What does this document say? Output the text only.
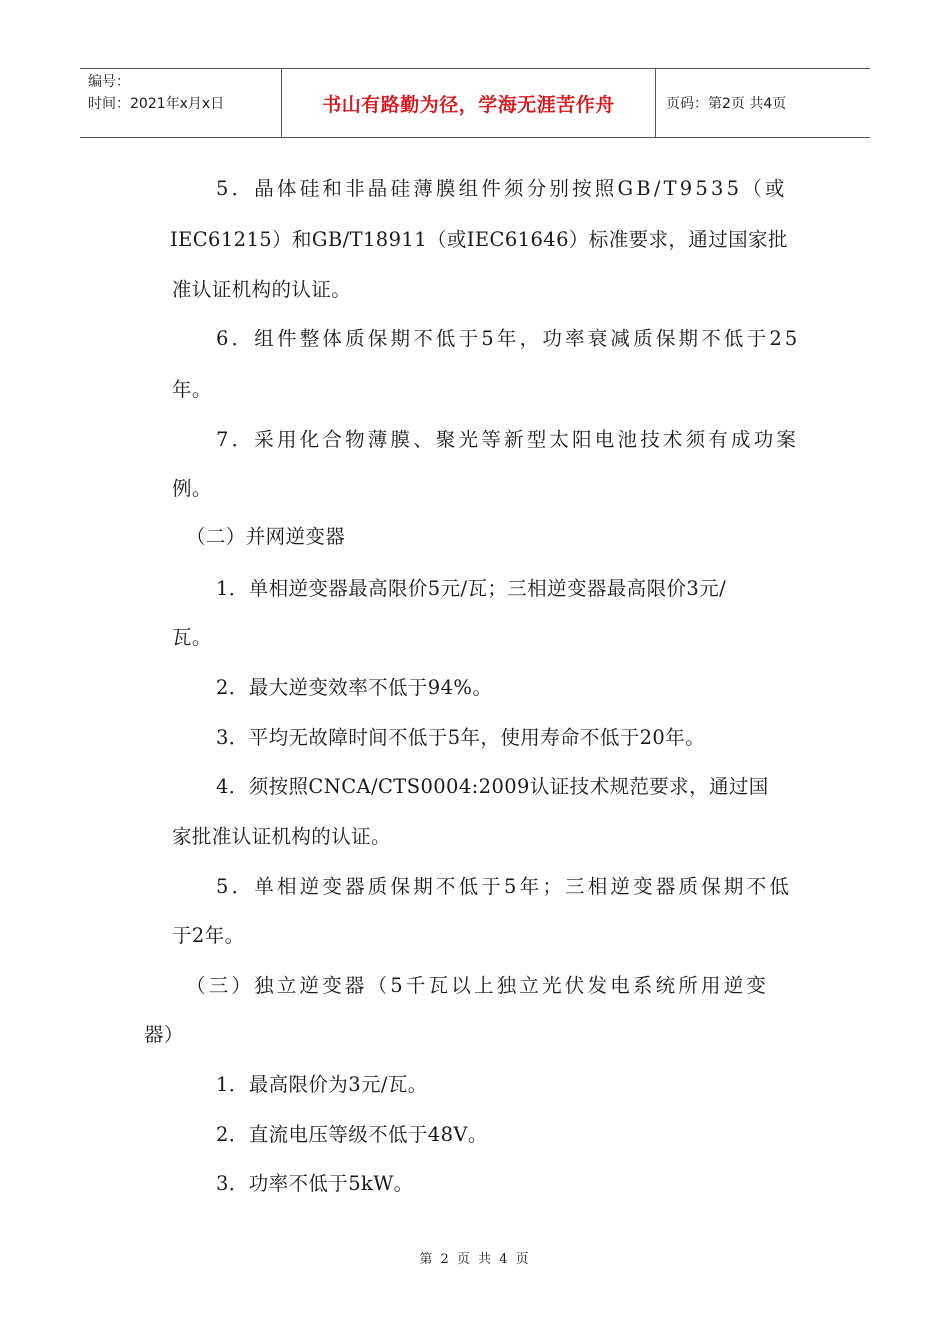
编号：
时间：2021年x月x日	书山有路勤为径，学海无涯苦作舟	页码：第2页 共4页
5．晶体硅和非晶硅薄膜组件须分别按照GB/T9535（或
IEC61215）和GB/T18911（或IEC61646）标准要求，通过国家批
准认证机构的认证。
6．组件整体质保期不低于5年，功率衰减质保期不低于25
年。
7．采用化合物薄膜、聚光等新型太阳电池技术须有成功案
例。
（二）并网逆变器
1．单相逆变器最高限价5元/瓦；三相逆变器最高限价3元/
瓦。
2．最大逆变效率不低于94%。
3．平均无故障时间不低于5年，使用寿命不低于20年。
4．须按照CNCA/CTS0004:2009认证技术规范要求，通过国
家批准认证机构的认证。
5．单相逆变器质保期不低于5年；三相逆变器质保期不低
于2年。
（三）独立逆变器（5千瓦以上独立光伏发电系统所用逆变
器）
1．最高限价为3元/瓦。
2．直流电压等级不低于48V。
3．功率不低于5kW。
第 2 页 共 4 页
